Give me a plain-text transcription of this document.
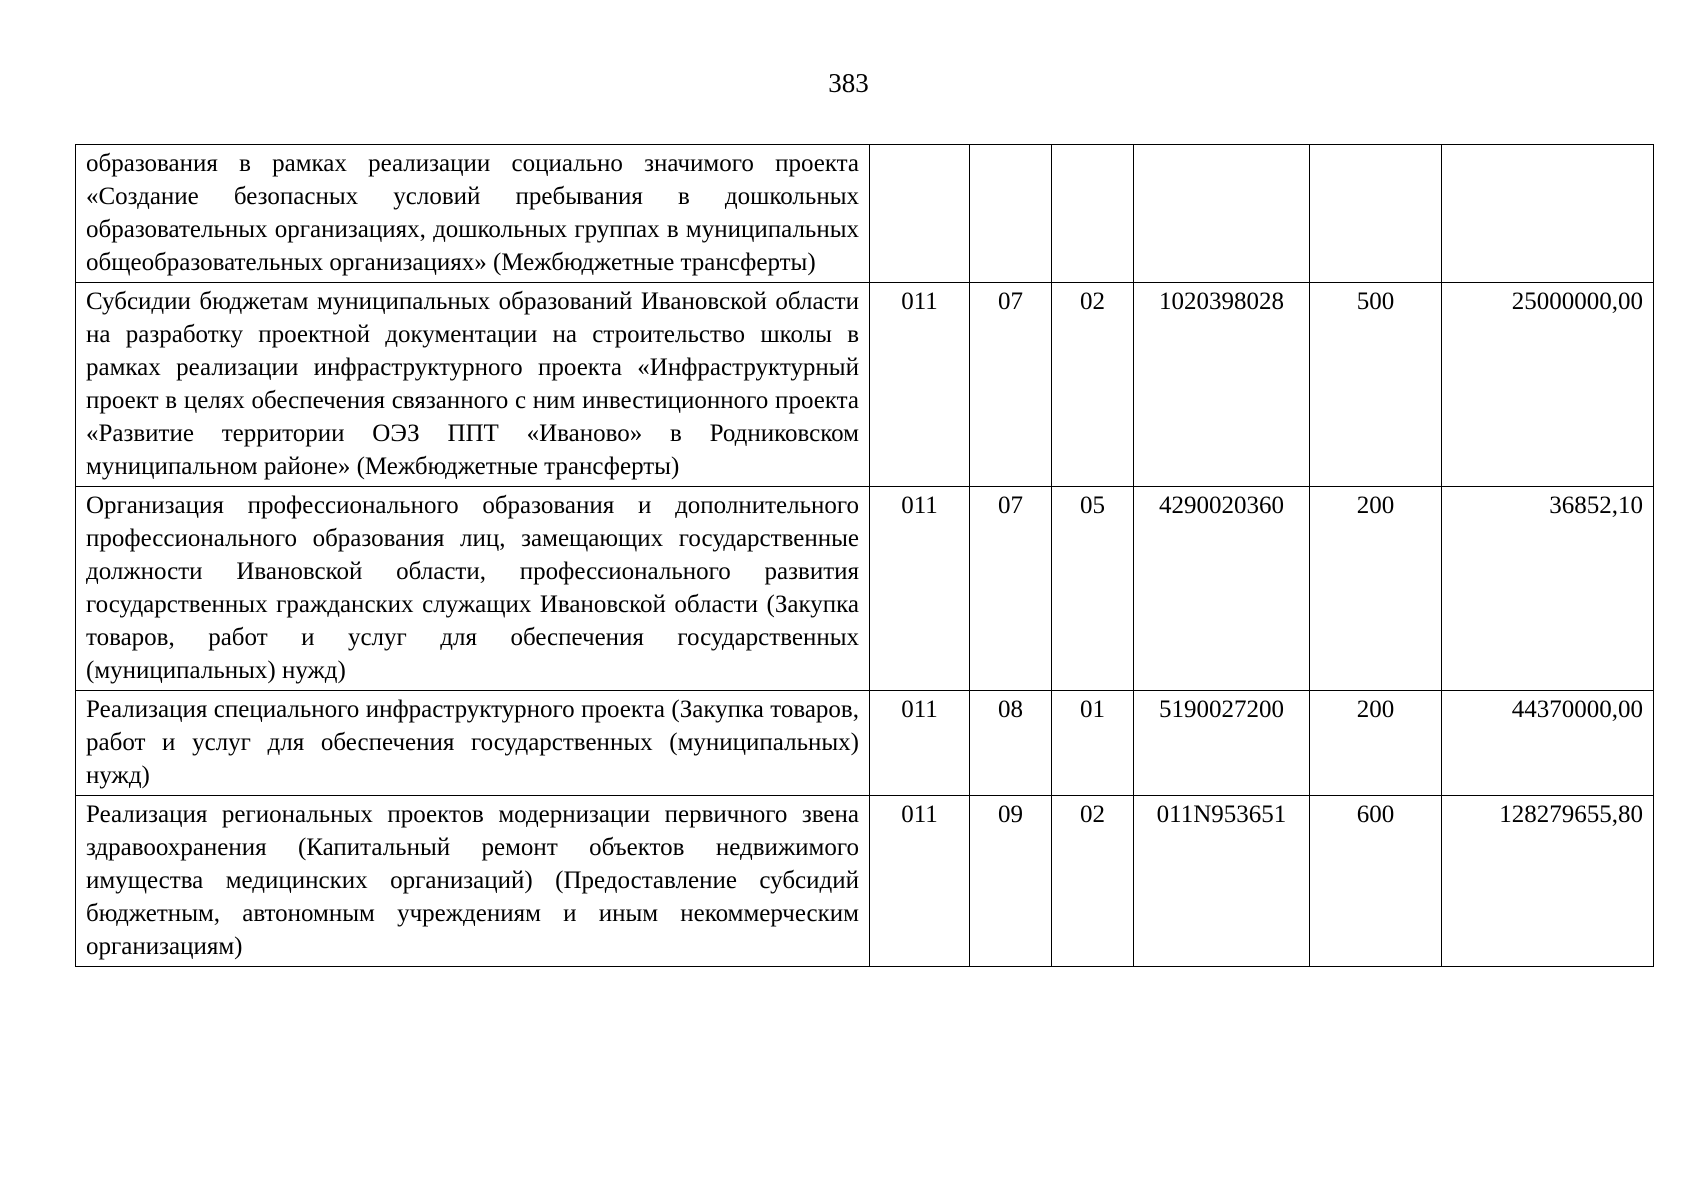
383
образования в рамках реализации социально значимого проекта «Создание безопасных условий пребывания в дошкольных образовательных организациях, дошкольных группах в муниципальных общеобразовательных организациях» (Межбюджетные трансферты)						
Субсидии бюджетам муниципальных образований Ивановской области на разработку проектной документации на строительство школы в рамках реализации инфраструктурного проекта «Инфраструктурный проект в целях обеспечения связанного с ним инвестиционного проекта «Развитие территории ОЭЗ ППТ «Иваново» в Родниковском муниципальном районе» (Межбюджетные трансферты)	011	07	02	1020398028	500	25000000,00
Организация профессионального образования и дополнительного профессионального образования лиц, замещающих государственные должности Ивановской области, профессионального развития государственных гражданских служащих Ивановской области (Закупка товаров, работ и услуг для обеспечения государственных (муниципальных) нужд)	011	07	05	4290020360	200	36852,10
Реализация специального инфраструктурного проекта (Закупка товаров, работ и услуг для обеспечения государственных (муниципальных) нужд)	011	08	01	5190027200	200	44370000,00
Реализация региональных проектов модернизации первичного звена здравоохранения (Капитальный ремонт объектов недвижимого имущества медицинских организаций) (Предоставление субсидий бюджетным, автономным учреждениям и иным некоммерческим организациям)	011	09	02	011N953651	600	128279655,80
